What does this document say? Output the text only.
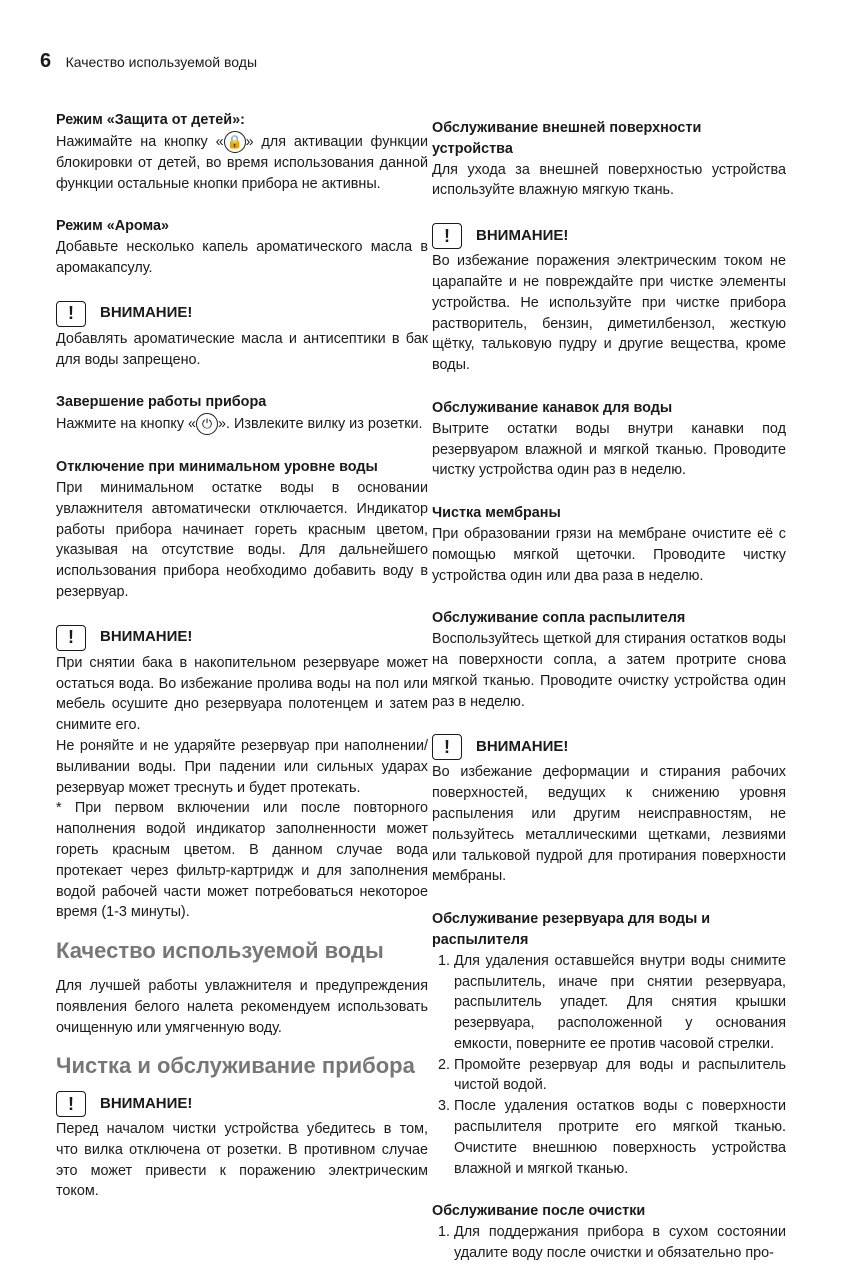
6 Качество используемой воды

Режим «Защита от детей»:

Нажимайте на кнопку « 🔒 » для активации функции блокировки от детей, во время использования данной функции остальные кнопки прибора не активны.

Режим «Арома»

Добавьте несколько капель ароматического масла в аромакапсулу.

!	ВНИМАНИЕ!

Добавлять ароматические масла и антисептики в бак для воды запрещено.

Завершение работы прибора

Нажмите на кнопку « ⏻ ». Извлеките вилку из розетки.

Отключение при минимальном уровне воды

При минимальном остатке воды в основании увлажнителя автоматически отключается. Индикатор работы прибора начинает гореть красным цветом, указывая на отсутствие воды. Для дальнейшего использования прибора необходимо добавить воду в резервуар.

!	ВНИМАНИЕ!

При снятии бака в накопительном резервуаре может остаться вода. Во избежание пролива воды на пол или мебель осушите дно резервуара полотенцем и затем снимите его.

Не роняйте и не ударяйте резервуар при наполнении/выливании воды. При падении или сильных ударах резервуар может треснуть и будет протекать.

* При первом включении или после повторного наполнения водой индикатор заполненности может гореть красным цветом. В данном случае вода протекает через фильтр-картридж и для заполнения водой рабочей части может потребоваться некоторое время (1-3 минуты).

Качество используемой воды

Для лучшей работы увлажнителя и предупреждения появления белого налета рекомендуем использовать очищенную или умягченную воду.

Чистка и обслуживание прибора
!	ВНИМАНИЕ!

Перед началом чистки устройства убедитесь в том, что вилка отключена от розетки. В противном случае это может привести к поражению электрическим током.

Обслуживание внешней поверхности устройства

Для ухода за внешней поверхностью устройства используйте влажную мягкую ткань.

!	ВНИМАНИЕ!

Во избежание поражения электрическим током не царапайте и не повреждайте при чистке элементы устройства. Не используйте при чистке прибора растворитель, бензин, диметилбензол, жесткую щётку, тальковую пудру и другие вещества, кроме воды.

Обслуживание канавок для воды

Вытрите остатки воды внутри канавки под резервуаром влажной и мягкой тканью. Проводите чистку устройства один раз в неделю.

Чистка мембраны

При образовании грязи на мембране очистите её с помощью мягкой щеточки. Проводите чистку устройства один или два раза в неделю.

Обслуживание сопла распылителя

Воспользуйтесь щеткой для стирания остатков воды на поверхности сопла, а затем протрите сновa мягкой тканью. Проводите очистку устройства один раз в неделю.

!	ВНИМАНИЕ!

Во избежание деформации и стирания рабочих поверхностей, ведущих к снижению уровня распыления или другим неисправностям, не пользуйтесь металлическими щетками, лезвиями или тальковой пудрой для протирания поверхности мембраны.

Обслуживание резервуара для воды и распылителя

1. Для удаления оставшейся внутри воды снимите распылитель, иначе при снятии резервуара, распылитель упадет. Для снятия крышки резервуара, расположенной у основания емкости, поверните ее против часовой стрелки.
2. Промойте резервуар для воды и распылитель чистой водой.
3. После удаления остатков воды с поверхности распылителя протрите его мягкой тканью. Очистите внешнюю поверхность устройства влажной и мягкой тканью.

Обслуживание после очистки

1. Для поддержания прибора в сухом состоянии удалите воду после очистки и обязательно про-
